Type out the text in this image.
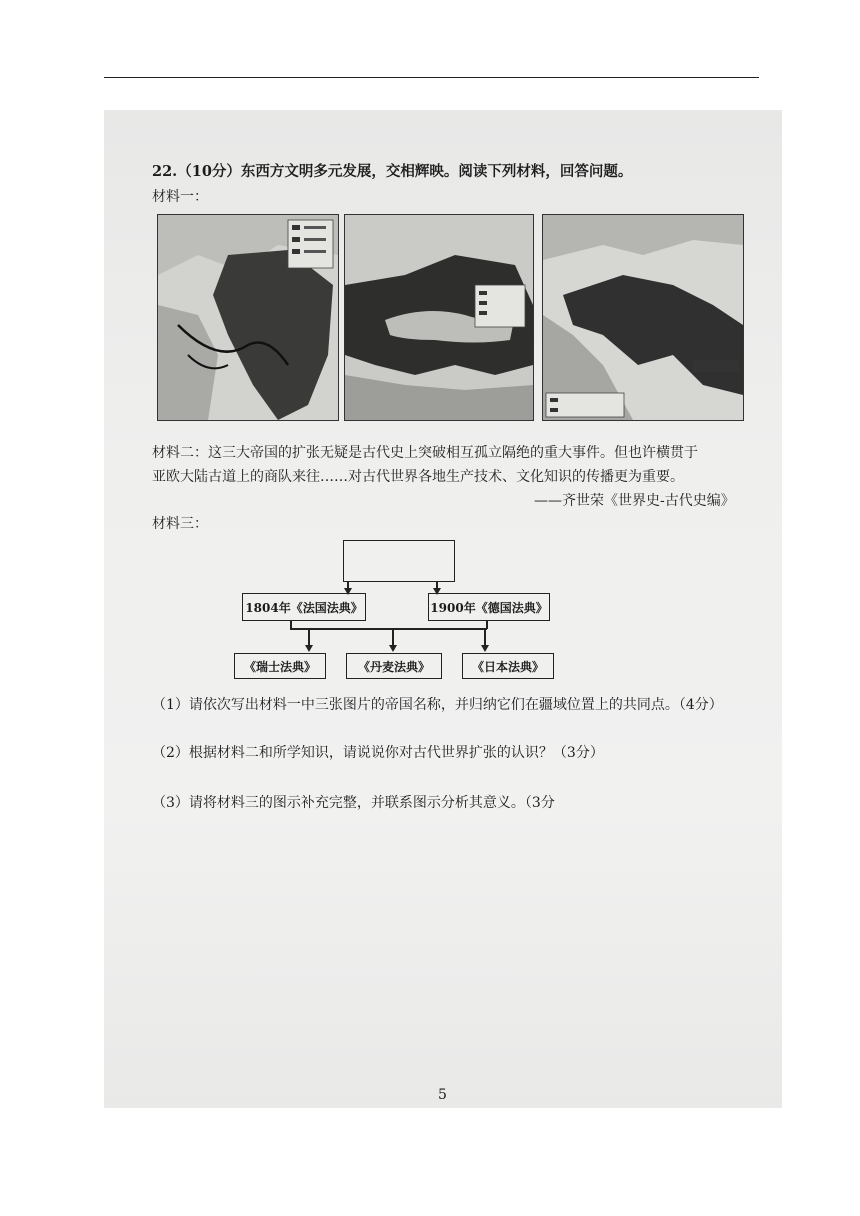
22.（10分）东西方文明多元发展，交相辉映。阅读下列材料，回答问题。
材料一：
材料二：这三大帝国的扩张无疑是古代史上突破相互孤立隔绝的重大事件。但也许横贯于
亚欧大陆古道上的商队来往……对古代世界各地生产技术、文化知识的传播更为重要。
——齐世荣《世界史-古代史编》
材料三：
1804年《法国法典》	1900年《德国法典》
《瑞士法典》	《丹麦法典》	《日本法典》
（1）请依次写出材料一中三张图片的帝国名称，并归纳它们在疆域位置上的共同点。（4分）
（2）根据材料二和所学知识，请说说你对古代世界扩张的认识？（3分）
（3）请将材料三的图示补充完整，并联系图示分析其意义。（3分
5
